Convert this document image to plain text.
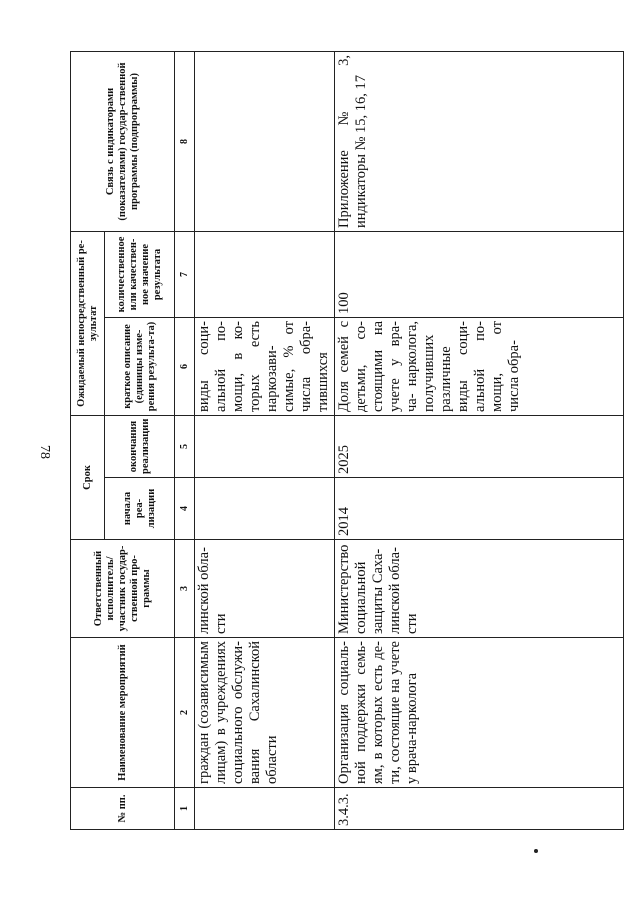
78
№ пп.	Наименование мероприятий	Ответственный исполнитель/ участник государ-ственной про-граммы	Срок		Ожидаемый непосредственный ре-зультат		Связь с индикаторами (показателями) государ-ственной программы (подпрограммы)
			начала реа-лизации	окончания реализации	краткое описание (единицы изме-рения результа-та)	количественное или качествен-ное значение результата	
1	2	3	4	5	6	7	8
	граждан (созависимым лицам) в учреждениях социального обслужи-вания Сахалинской области	линской обла-сти			виды соци-альной по-мощи, в ко-торых есть наркозави-симые, % от числа обра-тившихся		
3.4.3.	Организация социаль-ной поддержки семь-ям, в которых есть де-ти, состоящие на учете у врача-нарколога	Министерство социальной защиты Саха-линской обла-сти	2014	2025	Доля семей с детьми, со-стоящими на учете у вра-ча- нарколога, получивших различные виды соци-альной по-мощи, от числа обра-	100	Приложение № 3, индикаторы № 15, 16, 17
